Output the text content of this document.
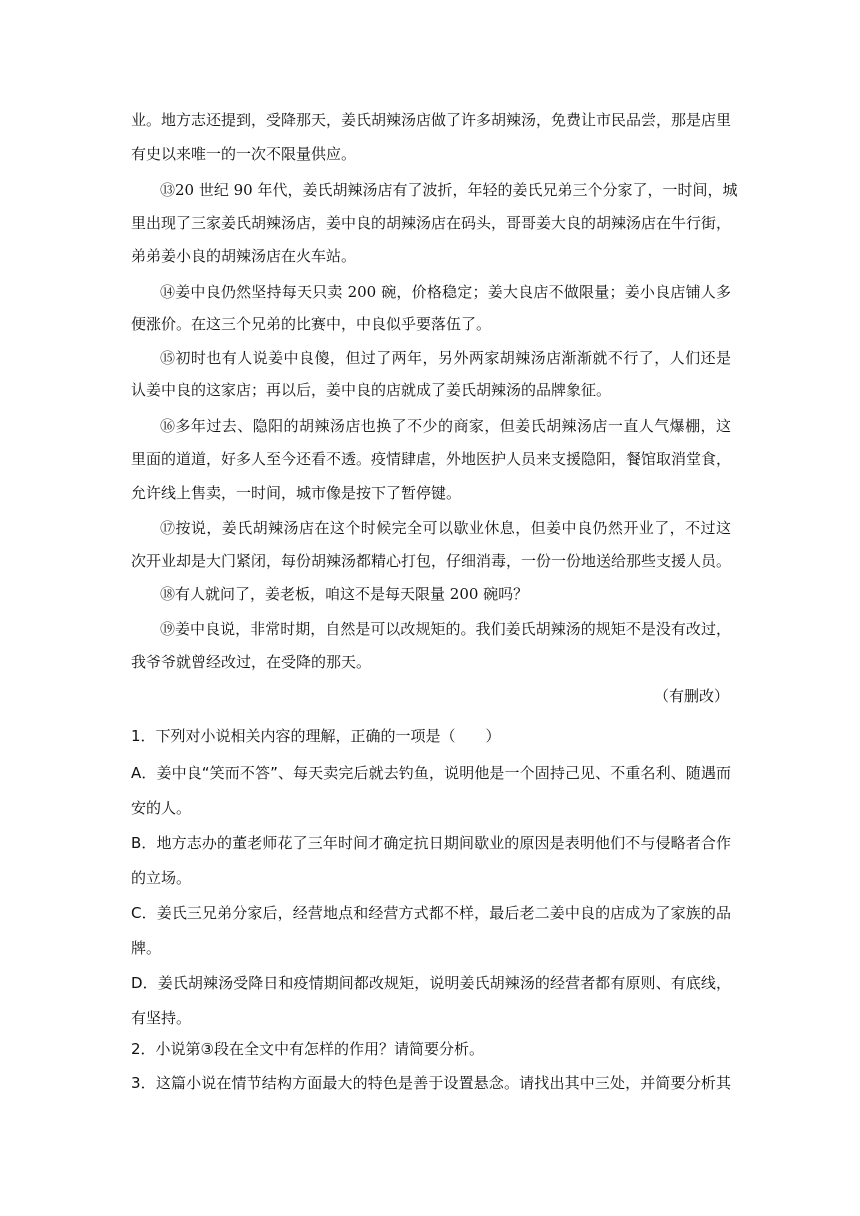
业。地方志还提到，受降那天，姜氏胡辣汤店做了许多胡辣汤，免费让市民品尝，那是店里
有史以来唯一的一次不限量供应。
⑬20 世纪 90 年代，姜氏胡辣汤店有了波折，年轻的姜氏兄弟三个分家了，一时间，城
里出现了三家姜氏胡辣汤店，姜中良的胡辣汤店在码头，哥哥姜大良的胡辣汤店在牛行街，
弟弟姜小良的胡辣汤店在火车站。
⑭姜中良仍然坚持每天只卖 200 碗，价格稳定；姜大良店不做限量；姜小良店铺人多
便涨价。在这三个兄弟的比赛中，中良似乎要落伍了。
⑮初时也有人说姜中良傻，但过了两年，另外两家胡辣汤店渐渐就不行了，人们还是
认姜中良的这家店；再以后，姜中良的店就成了姜氏胡辣汤的品牌象征。
⑯多年过去、隐阳的胡辣汤店也换了不少的商家，但姜氏胡辣汤店一直人气爆棚，这
里面的道道，好多人至今还看不透。疫情肆虐，外地医护人员来支援隐阳，餐馆取消堂食，
允许线上售卖，一时间，城市像是按下了暂停键。
⑰按说，姜氏胡辣汤店在这个时候完全可以歇业休息，但姜中良仍然开业了，不过这
次开业却是大门紧闭，每份胡辣汤都精心打包，仔细消毒，一份一份地送给那些支援人员。
⑱有人就问了，姜老板，咱这不是每天限量 200 碗吗？
⑲姜中良说，非常时期，自然是可以改规矩的。我们姜氏胡辣汤的规矩不是没有改过，
我爷爷就曾经改过，在受降的那天。
（有删改）
1．下列对小说相关内容的理解，正确的一项是（　　）
A．姜中良“笑而不答”、每天卖完后就去钓鱼，说明他是一个固持己见、不重名利、随遇而
安的人。
B．地方志办的董老师花了三年时间才确定抗日期间歇业的原因是表明他们不与侵略者合作
的立场。
C．姜氏三兄弟分家后，经营地点和经营方式都不样，最后老二姜中良的店成为了家族的品
牌。
D．姜氏胡辣汤受降日和疫情期间都改规矩，说明姜氏胡辣汤的经营者都有原则、有底线，
有坚持。
2．小说第③段在全文中有怎样的作用？请简要分析。
3．这篇小说在情节结构方面最大的特色是善于设置悬念。请找出其中三处，并简要分析其
